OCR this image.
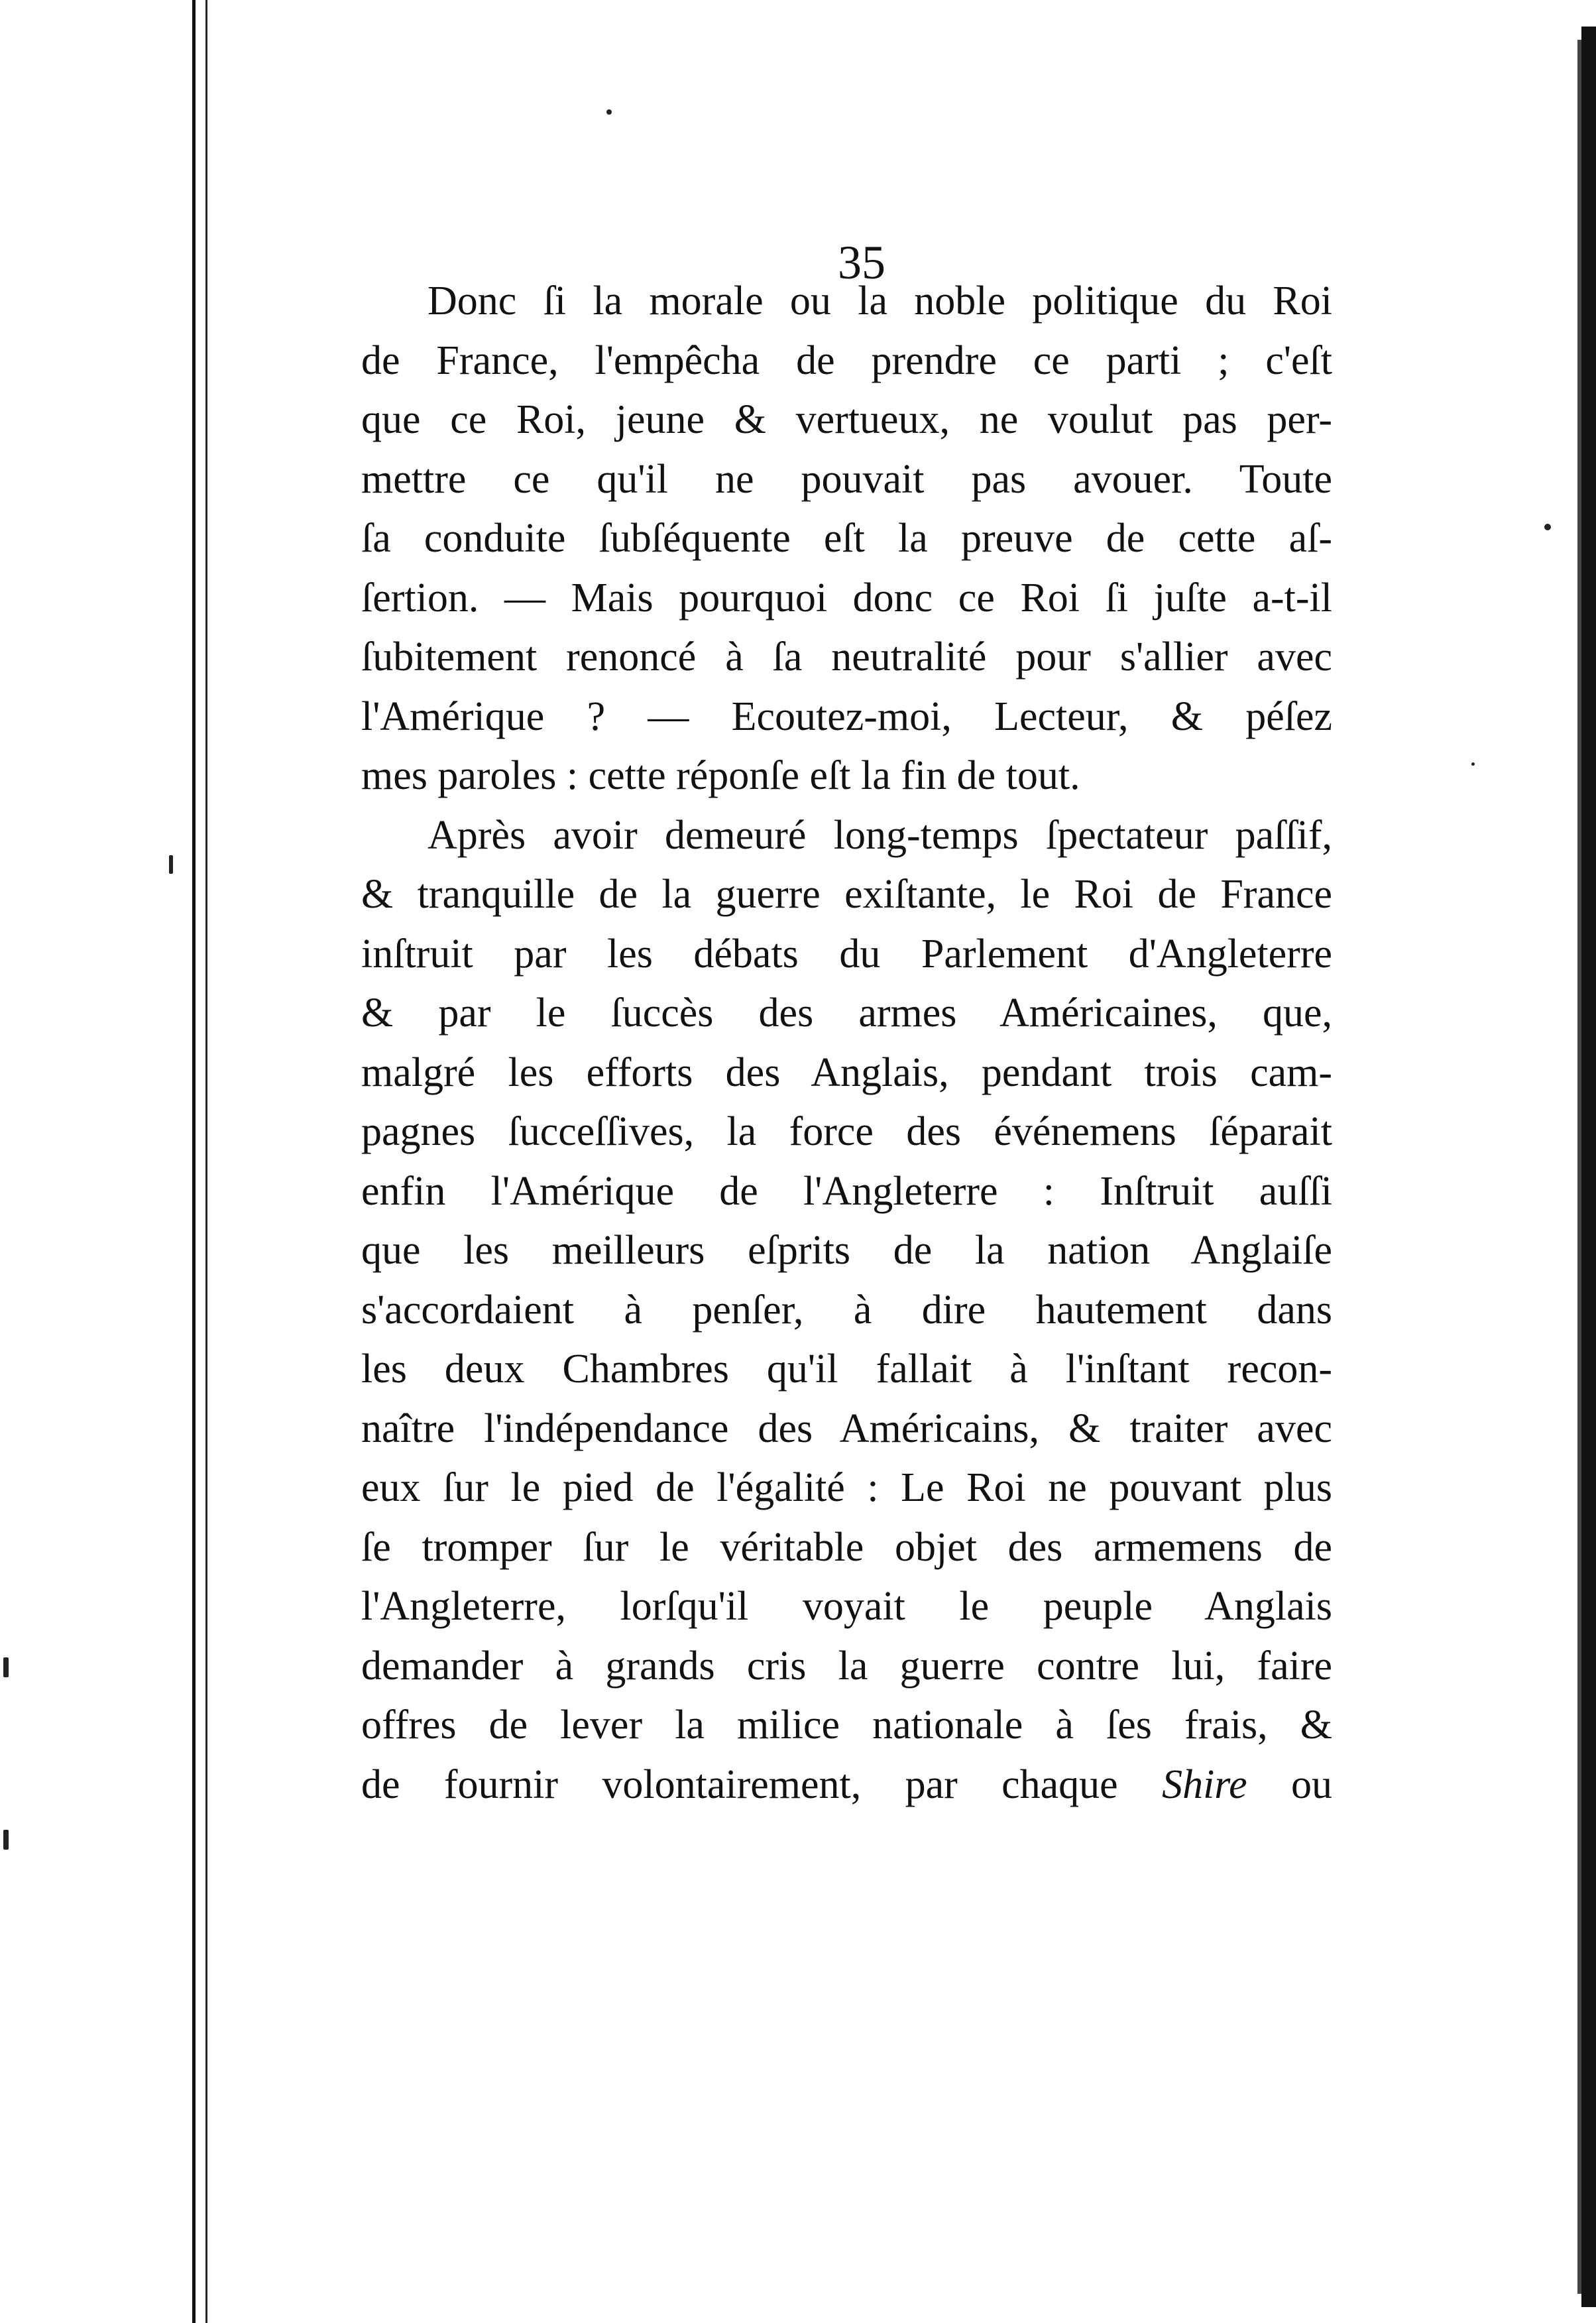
35
Donc ſi la morale ou la noble politique du Roi
de France, l'empêcha de prendre ce parti ; c'eſt
que ce Roi, jeune & vertueux, ne voulut pas per-
mettre ce qu'il ne pouvait pas avouer. Toute
ſa conduite ſubſéquente eſt la preuve de cette aſ-
ſertion. — Mais pourquoi donc ce Roi ſi juſte a-t-il
ſubitement renoncé à ſa neutralité pour s'allier avec
l'Amérique ? — Ecoutez-moi, Lecteur, & péſez
mes paroles : cette réponſe eſt la fin de tout.
Après avoir demeuré long-temps ſpectateur paſſif,
& tranquille de la guerre exiſtante, le Roi de France
inſtruit par les débats du Parlement d'Angleterre
& par le ſuccès des armes Américaines, que,
malgré les efforts des Anglais, pendant trois cam-
pagnes ſucceſſives, la force des événemens ſéparait
enfin l'Amérique de l'Angleterre : Inſtruit auſſi
que les meilleurs eſprits de la nation Anglaiſe
s'accordaient à penſer, à dire hautement dans
les deux Chambres qu'il fallait à l'inſtant recon-
naître l'indépendance des Américains, & traiter avec
eux ſur le pied de l'égalité : Le Roi ne pouvant plus
ſe tromper ſur le véritable objet des armemens de
l'Angleterre, lorſqu'il voyait le peuple Anglais
demander à grands cris la guerre contre lui, faire
offres de lever la milice nationale à ſes frais, &
de fournir volontairement, par chaque Shire ou
